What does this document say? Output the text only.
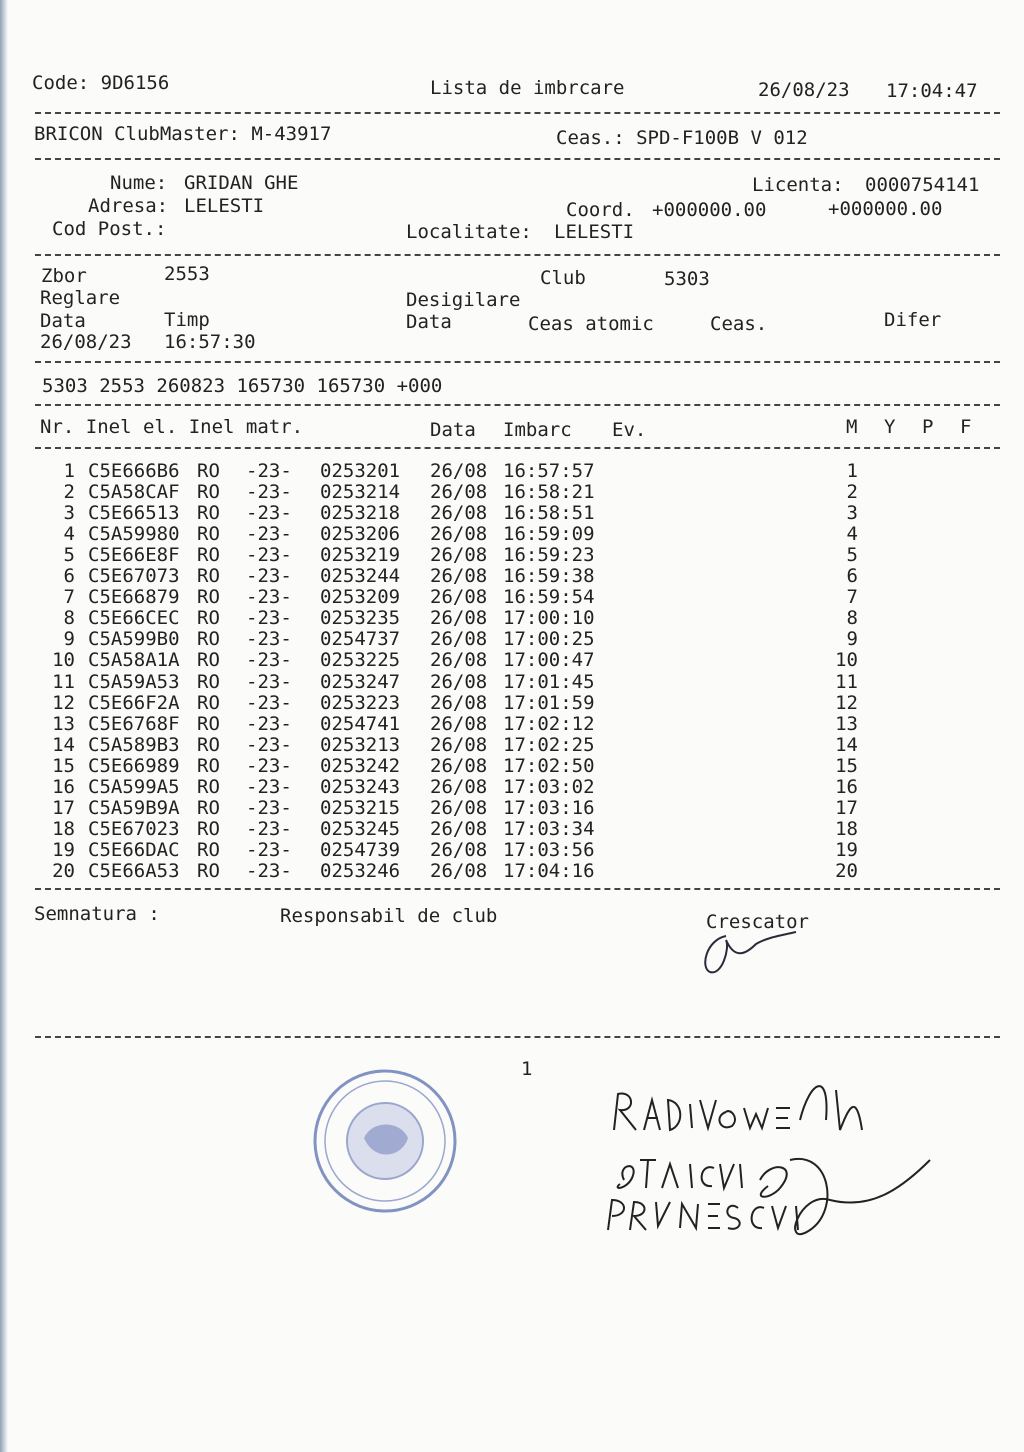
Code: 9D6156	Lista de imbrcare	26/08/23 17:04:47
BRICON ClubMaster: M-43917	Ceas.: SPD-F100B V 012
Nume: GRIDAN GHE
Adresa: LELESTI
Cod Post.:
Licenta: 0000754141
Coord. +000000.00	+000000.00
Localitate: LELESTI
Zbor	2553	Club	5303
Reglare	Desigilare
Data	Timp	Data	Ceas atomic	Ceas.	Difer
26/08/23 16:57:30
5303 2553 260823 165730 165730 +000
Nr. Inel el. Inel matr.	Data Imbarc Ev.	M Y P F
1 C5E666B6 RO -23- 0253201 26/08 16:57:57	1
2 C5A58CAF RO -23- 0253214 26/08 16:58:21	2
3 C5E66513 RO -23- 0253218 26/08 16:58:51	3
4 C5A59980 RO -23- 0253206 26/08 16:59:09	4
5 C5E66E8F RO -23- 0253219 26/08 16:59:23	5
6 C5E67073 RO -23- 0253244 26/08 16:59:38	6
7 C5E66879 RO -23- 0253209 26/08 16:59:54	7
8 C5E66CEC RO -23- 0253235 26/08 17:00:10	8
9 C5A599B0 RO -23- 0254737 26/08 17:00:25	9
10 C5A58A1A RO -23- 0253225 26/08 17:00:47	10
11 C5A59A53 RO -23- 0253247 26/08 17:01:45	11
12 C5E66F2A RO -23- 0253223 26/08 17:01:59	12
13 C5E6768F RO -23- 0254741 26/08 17:02:12	13
14 C5A589B3 RO -23- 0253213 26/08 17:02:25	14
15 C5E66989 RO -23- 0253242 26/08 17:02:50	15
16 C5A599A5 RO -23- 0253243 26/08 17:03:02	16
17 C5A59B9A RO -23- 0253215 26/08 17:03:16	17
18 C5E67023 RO -23- 0253245 26/08 17:03:34	18
19 C5E66DAC RO -23- 0254739 26/08 17:03:56	19
20 C5E66A53 RO -23- 0253246 26/08 17:04:16	20
Semnatura :	Responsabil de club	Crescator
1
